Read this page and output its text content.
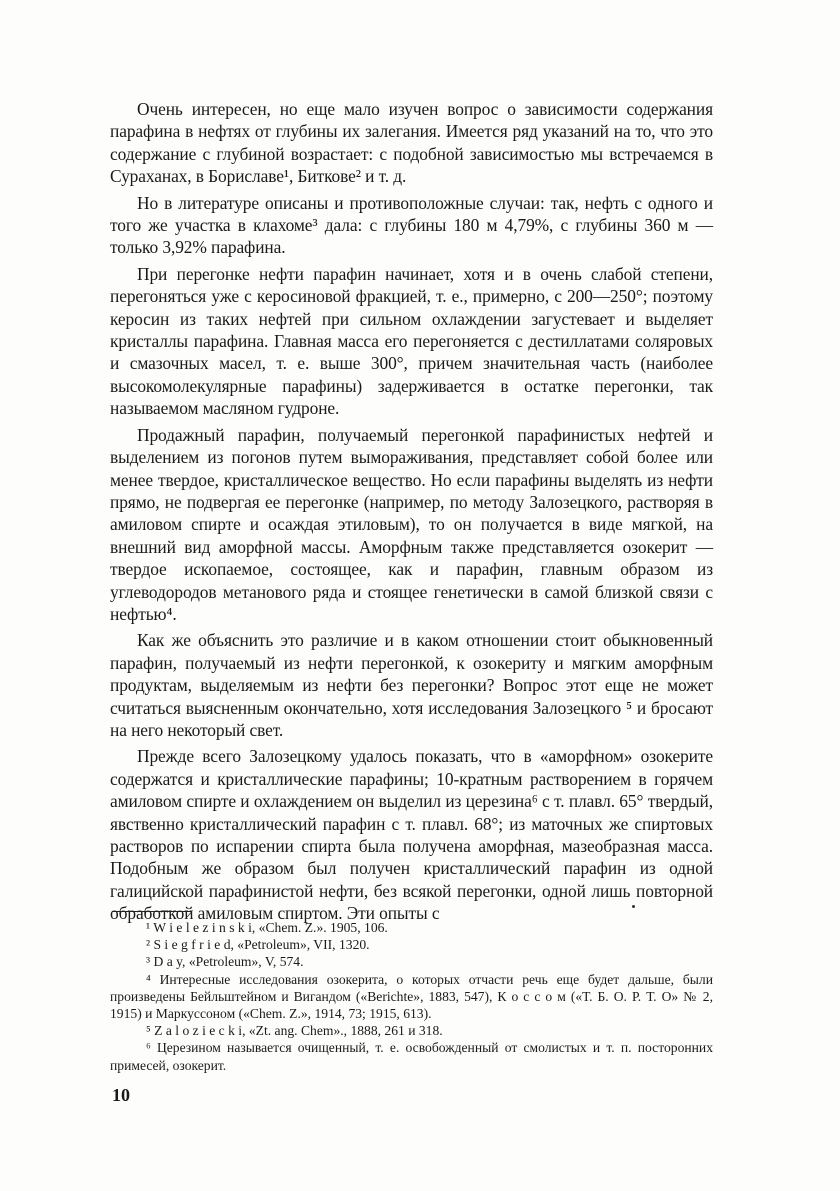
Очень интересен, но еще мало изучен вопрос о зависимости содержания парафина в нефтях от глубины их залегания. Имеется ряд указаний на то, что это содержание с глубиной возрастает: с подобной зависимостью мы встречаемся в Сураханах, в Бориславе¹, Биткове² и т. д.

Но в литературе описаны и противоположные случаи: так, нефть с одного и того же участка в клахоме³ дала: с глубины 180 м 4,79%, с глубины 360 м — только 3,92% парафина.

При перегонке нефти парафин начинает, хотя и в очень слабой степени, перегоняться уже с керосиновой фракцией, т. е., примерно, с 200—250°; поэтому керосин из таких нефтей при сильном охлаждении загустевает и выделяет кристаллы парафина. Главная масса его перегоняется с дестиллатами соляровых и смазочных масел, т. е. выше 300°, причем значительная часть (наиболее высокомолекулярные парафины) задерживается в остатке перегонки, так называемом масляном гудроне.

Продажный парафин, получаемый перегонкой парафинистых нефтей и выделением из погонов путем вымораживания, представляет собой более или менее твердое, кристаллическое вещество. Но если парафины выделять из нефти прямо, не подвергая ее перегонке (например, по методу Залозецкого, растворяя в амиловом спирте и осаждая этиловым), то он получается в виде мягкой, на внешний вид аморфной массы. Аморфным также представляется озокерит — твердое ископаемое, состоящее, как и парафин, главным образом из углеводородов метанового ряда и стоящее генетически в самой близкой связи с нефтью⁴.

Как же объяснить это различие и в каком отношении стоит обыкновенный парафин, получаемый из нефти перегонкой, к озокериту и мягким аморфным продуктам, выделяемым из нефти без перегонки? Вопрос этот еще не может считаться выясненным окончательно, хотя исследования Залозецкого ⁵ и бросают на него некоторый свет.

Прежде всего Залозецкому удалось показать, что в «аморфном» озокерите содержатся и кристаллические парафины; 10-кратным растворением в горячем амиловом спирте и охлаждением он выделил из церезина⁶ с т. плавл. 65° твердый, явственно кристаллический парафин с т. плавл. 68°; из маточных же спиртовых растворов по испарении спирта была получена аморфная, мазеобразная масса. Подобным же образом был получен кристаллический парафин из одной галицийской парафинистой нефти, без всякой перегонки, одной лишь повторной обработкой амиловым спиртом. Эти опыты с

¹ W i e l e z i n s k i, «Chem. Z.». 1905, 106.

² S i e g f r i e d, «Petroleum», VII, 1320.

³ D a y, «Petroleum», V, 574.

⁴ Интересные исследования озокерита, о которых отчасти речь еще будет дальше, были произведены Бейльштейном и Вигандом («Berichte», 1883, 547), К о с с о м («Т. Б. О. Р. Т. О» № 2, 1915) и Маркуссоном («Chem. Z.», 1914, 73; 1915, 613).

⁵ Z a l o z i e c k i, «Zt. ang. Chem»., 1888, 261 и 318.

⁶ Церезином называется очищенный, т. е. освобожденный от смолистых и т. п. посторонних примесей, озокерит.

10
